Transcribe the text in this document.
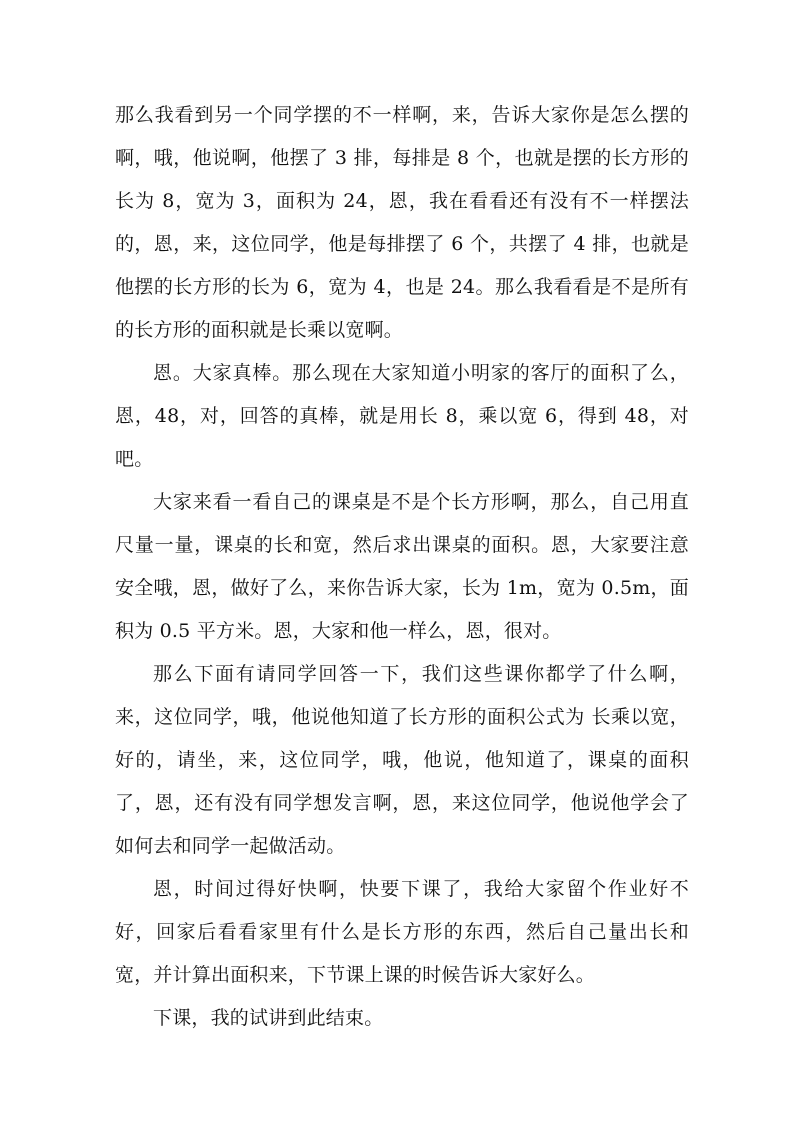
那么我看到另一个同学摆的不一样啊，来，告诉大家你是怎么摆的啊，哦，他说啊，他摆了 3 排，每排是 8 个，也就是摆的长方形的长为 8，宽为 3，面积为 24，恩，我在看看还有没有不一样摆法的，恩，来，这位同学，他是每排摆了 6 个，共摆了 4 排，也就是他摆的长方形的长为 6，宽为 4，也是 24。那么我看看是不是所有的长方形的面积就是长乘以宽啊。

恩。大家真棒。那么现在大家知道小明家的客厅的面积了么，恩，48，对，回答的真棒，就是用长 8，乘以宽 6，得到 48，对吧。

大家来看一看自己的课桌是不是个长方形啊，那么，自己用直尺量一量，课桌的长和宽，然后求出课桌的面积。恩，大家要注意安全哦，恩，做好了么，来你告诉大家，长为 1m，宽为 0.5m，面积为 0.5 平方米。恩，大家和他一样么，恩，很对。

那么下面有请同学回答一下，我们这些课你都学了什么啊，来，这位同学，哦，他说他知道了长方形的面积公式为 长乘以宽，好的，请坐，来，这位同学，哦，他说，他知道了，课桌的面积了，恩，还有没有同学想发言啊，恩，来这位同学，他说他学会了如何去和同学一起做活动。

恩，时间过得好快啊，快要下课了，我给大家留个作业好不好，回家后看看家里有什么是长方形的东西，然后自己量出长和宽，并计算出面积来，下节课上课的时候告诉大家好么。

下课，我的试讲到此结束。
